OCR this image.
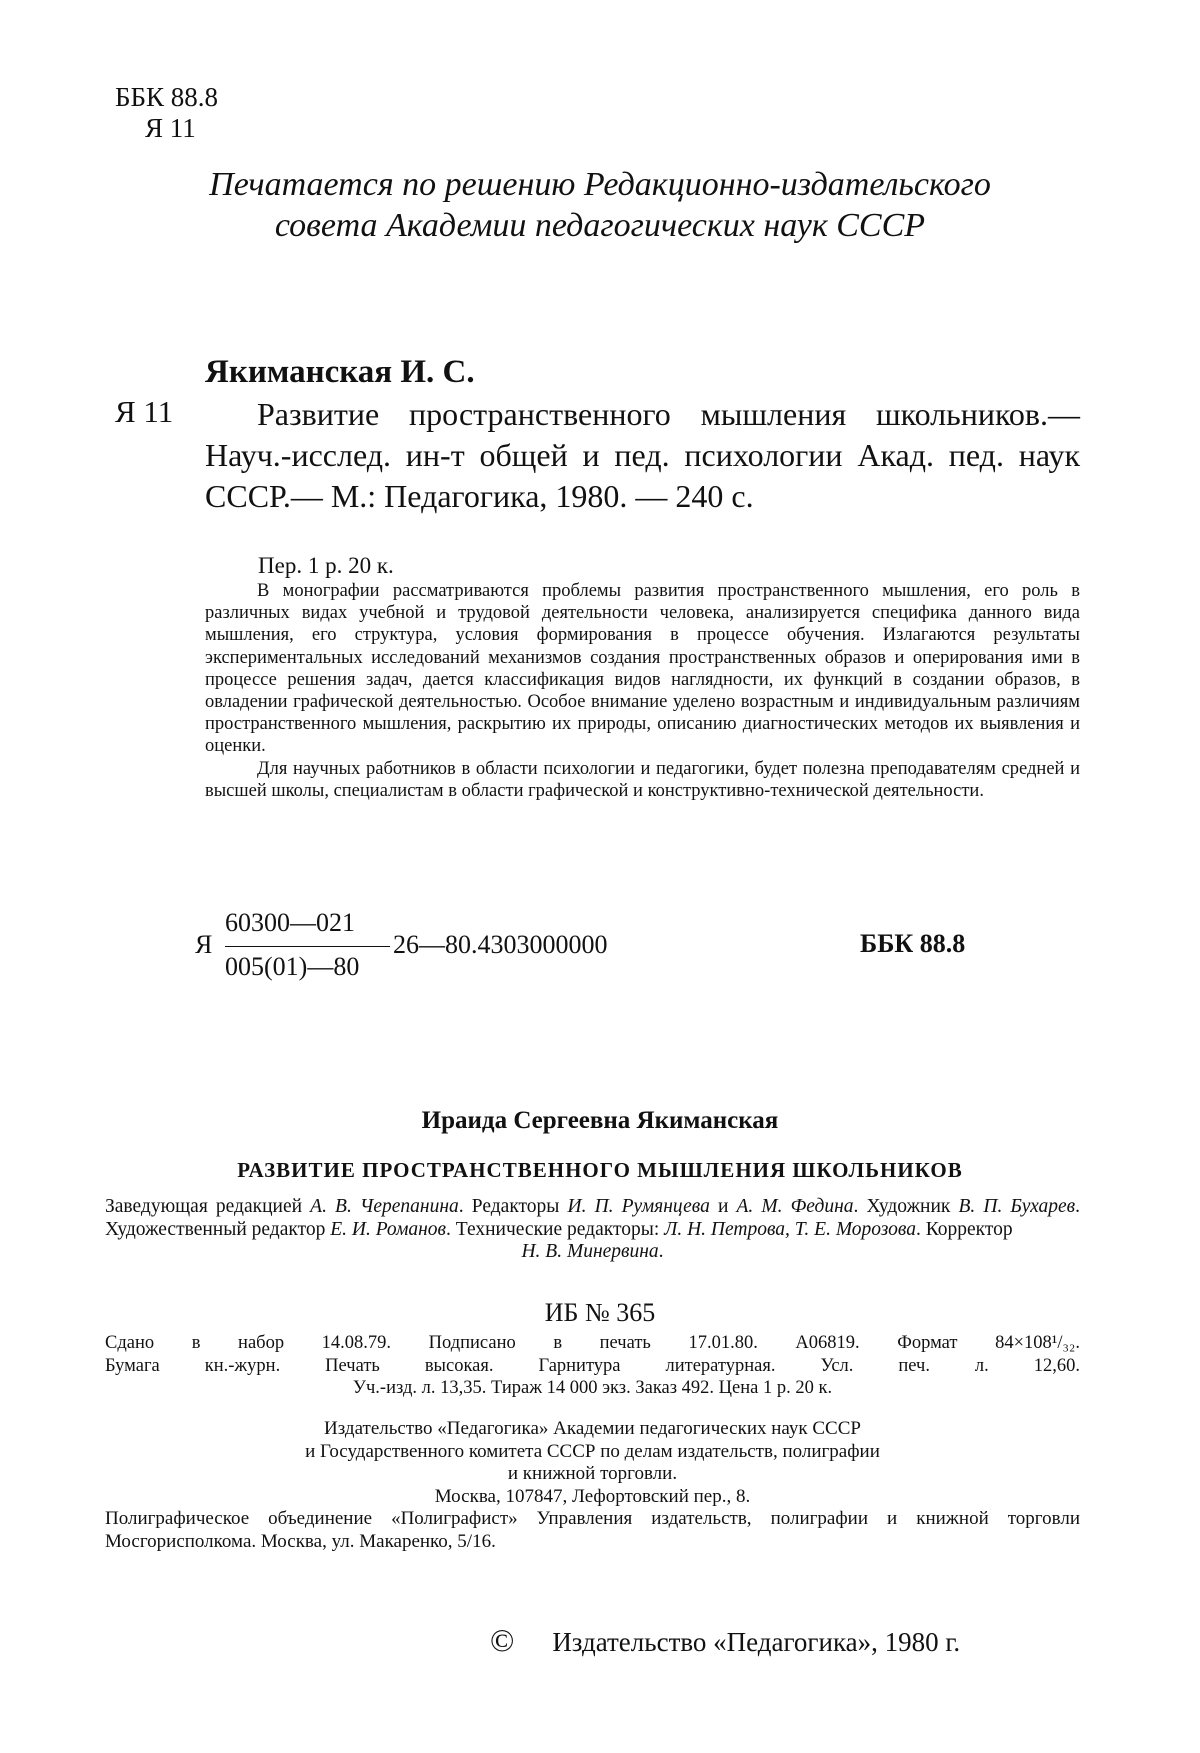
ББК 88.8
Я 11
Печатается по решению Редакционно-издательского
совета Академии педагогических наук СССР
Якиманская И. С.
Я 11	Развитие пространственного мышления школьников.— Науч.-исслед. ин-т общей и пед. психологии Акад. пед. наук СССР.— М.: Педагогика, 1980. — 240 с.
Пер. 1 р. 20 к.

В монографии рассматриваются проблемы развития пространственного мышления, его роль в различных видах учебной и трудовой деятельности человека, анализируется специфика данного вида мышления, его структура, условия формирования в процессе обучения. Излагаются результаты экспериментальных исследований механизмов создания пространственных образов и оперирования ими в процессе решения задач, дается классификация видов наглядности, их функций в создании образов, в овладении графической деятельностью. Особое внимание уделено возрастным и индивидуальным различиям пространственного мышления, раскрытию их природы, описанию диагностических методов их выявления и оценки.

Для научных работников в области психологии и педагогики, будет полезна преподавателям средней и высшей школы, специалистам в области графической и конструктивно-технической деятельности.

Я
60300—021
005(01)—80
26—80.4303000000	ББК 88.8
Ираида Сергеевна Якиманская
РАЗВИТИЕ ПРОСТРАНСТВЕННОГО МЫШЛЕНИЯ ШКОЛЬНИКОВ
Заведующая редакцией А. В. Черепанина. Редакторы И. П. Румянцева и А. М. Федина. Художник В. П. Бухарев. Художественный редактор Е. И. Романов. Технические редакторы: Л. Н. Петрова, Т. Е. Морозова. Корректор
Н. В. Минервина.
ИБ № 365
Сдано в набор 14.08.79. Подписано в печать 17.01.80. А06819. Формат 84×108¹/₃₂.
Бумага кн.-журн. Печать высокая. Гарнитура литературная. Усл. печ. л. 12,60.
Уч.-изд. л. 13,35. Тираж 14 000 экз. Заказ 492. Цена 1 р. 20 к.
Издательство «Педагогика» Академии педагогических наук СССР
и Государственного комитета СССР по делам издательств, полиграфии
и книжной торговли.
Москва, 107847, Лефортовский пер., 8.
Полиграфическое объединение «Полиграфист» Управления издательств, полиграфии и книжной торговли Мосгорисполкома. Москва, ул. Макаренко, 5/16.
© Издательство «Педагогика», 1980 г.
